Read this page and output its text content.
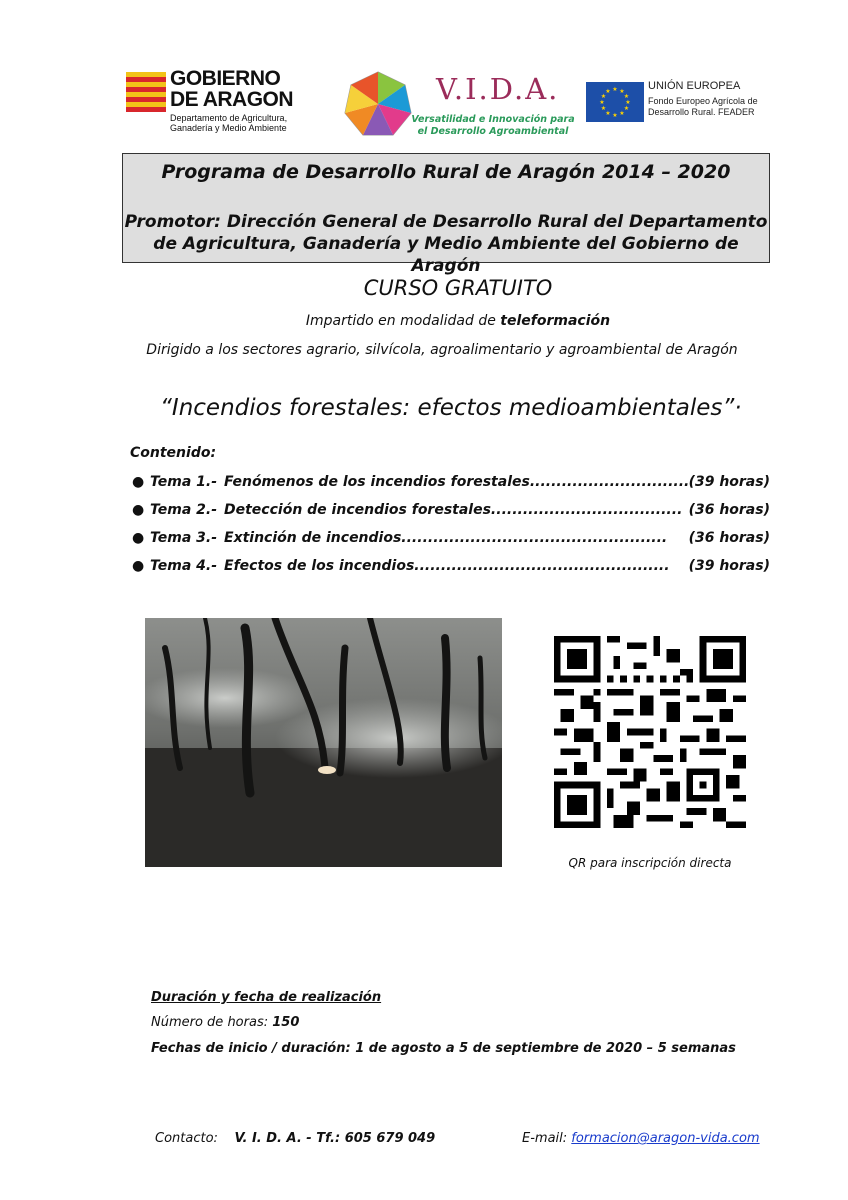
GOBIERNO
DE ARAGON
Departamento de Agricultura, Ganadería y Medio Ambiente
V.I.D.A.
Versatilidad e Innovación para el Desarrollo Agroambiental
★ ★
★
★
★
★
★
★
★
★
★
★	UNIÓN EUROPEA
Fondo Europeo Agrícola de Desarrollo Rural. FEADER
Programa de Desarrollo Rural de Aragón 2014 – 2020
Promotor: Dirección General de Desarrollo Rural del Departamento de Agricultura, Ganadería y Medio Ambiente del Gobierno de Aragón
CURSO GRATUITO
Impartido en modalidad de teleformación
Dirigido a los sectores agrario, silvícola, agroalimentario y agroambiental de Aragón
“Incendios forestales: efectos medioambientales”·
Contenido:
● Tema 1.- Fenómenos de los incendios forestales.............................. (39 horas)
● Tema 2.- Detección de incendios forestales.................................... (36 horas)
● Tema 3.- Extinción de incendios.................................................. (36 horas)
● Tema 4.- Efectos de los incendios................................................ (39 horas)
QR para inscripción directa
Duración y fecha de realización
Número de horas: 150
Fechas de inicio / duración: 1 de agosto a 5 de septiembre de 2020 – 5 semanas
Contacto: V. I. D. A. - Tf.: 605 679 049	E-mail: formacion@aragon-vida.com
